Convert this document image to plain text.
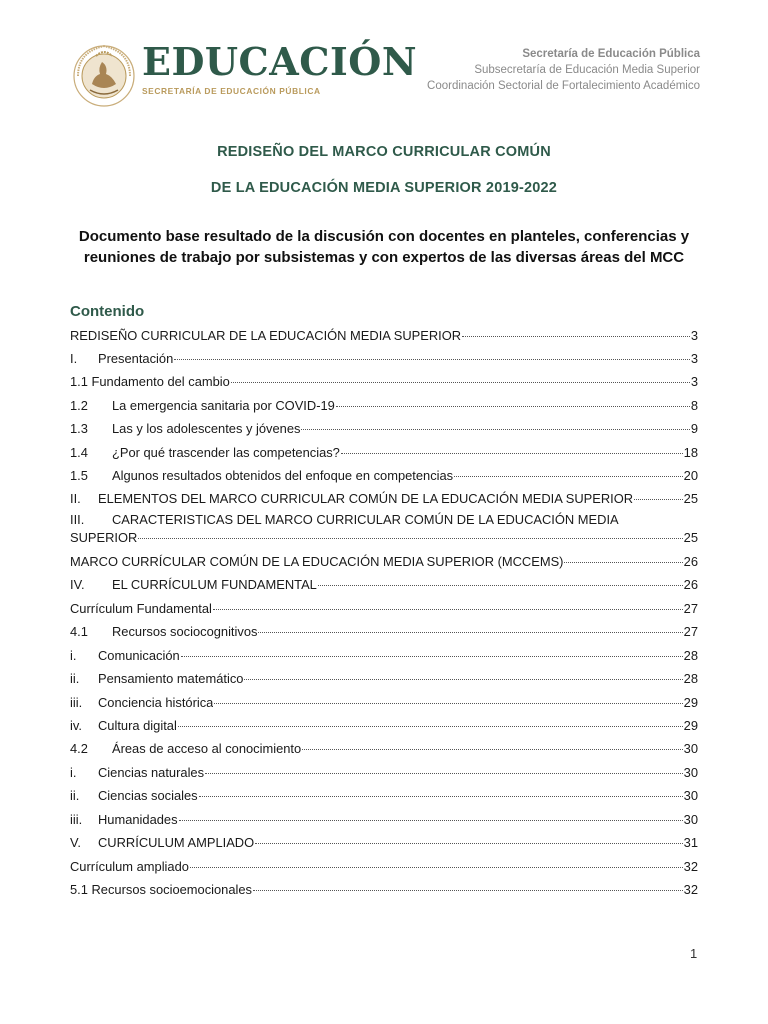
EDUCACIÓN
SECRETARÍA DE EDUCACIÓN PÚBLICA
Secretaría de Educación Pública
Subsecretaría de Educación Media Superior
Coordinación Sectorial de Fortalecimiento Académico
REDISEÑO DEL MARCO CURRICULAR COMÚN
DE LA EDUCACIÓN MEDIA SUPERIOR 2019-2022
Documento base resultado de la discusión con docentes en planteles, conferencias y reuniones de trabajo por subsistemas y con expertos de las diversas áreas del MCC
Contenido
REDISEÑO CURRICULAR DE LA EDUCACIÓN MEDIA SUPERIOR	3
I.	Presentación	3
1.1 Fundamento del cambio	3
1.2	La emergencia sanitaria por COVID-19	8
1.3	Las y los adolescentes y jóvenes	9
1.4	¿Por qué trascender las competencias?	18
1.5	Algunos resultados obtenidos del enfoque en competencias	20
II.	ELEMENTOS DEL MARCO CURRICULAR COMÚN DE LA EDUCACIÓN MEDIA SUPERIOR	25
III.	CARACTERISTICAS DEL MARCO CURRICULAR COMÚN DE LA EDUCACIÓN MEDIA
SUPERIOR	25
MARCO CURRÍCULAR COMÚN DE LA EDUCACIÓN MEDIA SUPERIOR (MCCEMS)	26
IV.	EL CURRÍCULUM FUNDAMENTAL	26
Currículum Fundamental	27
4.1	Recursos sociocognitivos	27
i.	Comunicación	28
ii.	Pensamiento matemático	28
iii.	Conciencia histórica	29
iv.	Cultura digital	29
4.2	Áreas de acceso al conocimiento	30
i.	Ciencias naturales	30
ii.	Ciencias sociales	30
iii.	Humanidades	30
V.	CURRÍCULUM AMPLIADO	31
Currículum ampliado	32
5.1 Recursos socioemocionales	32
1
